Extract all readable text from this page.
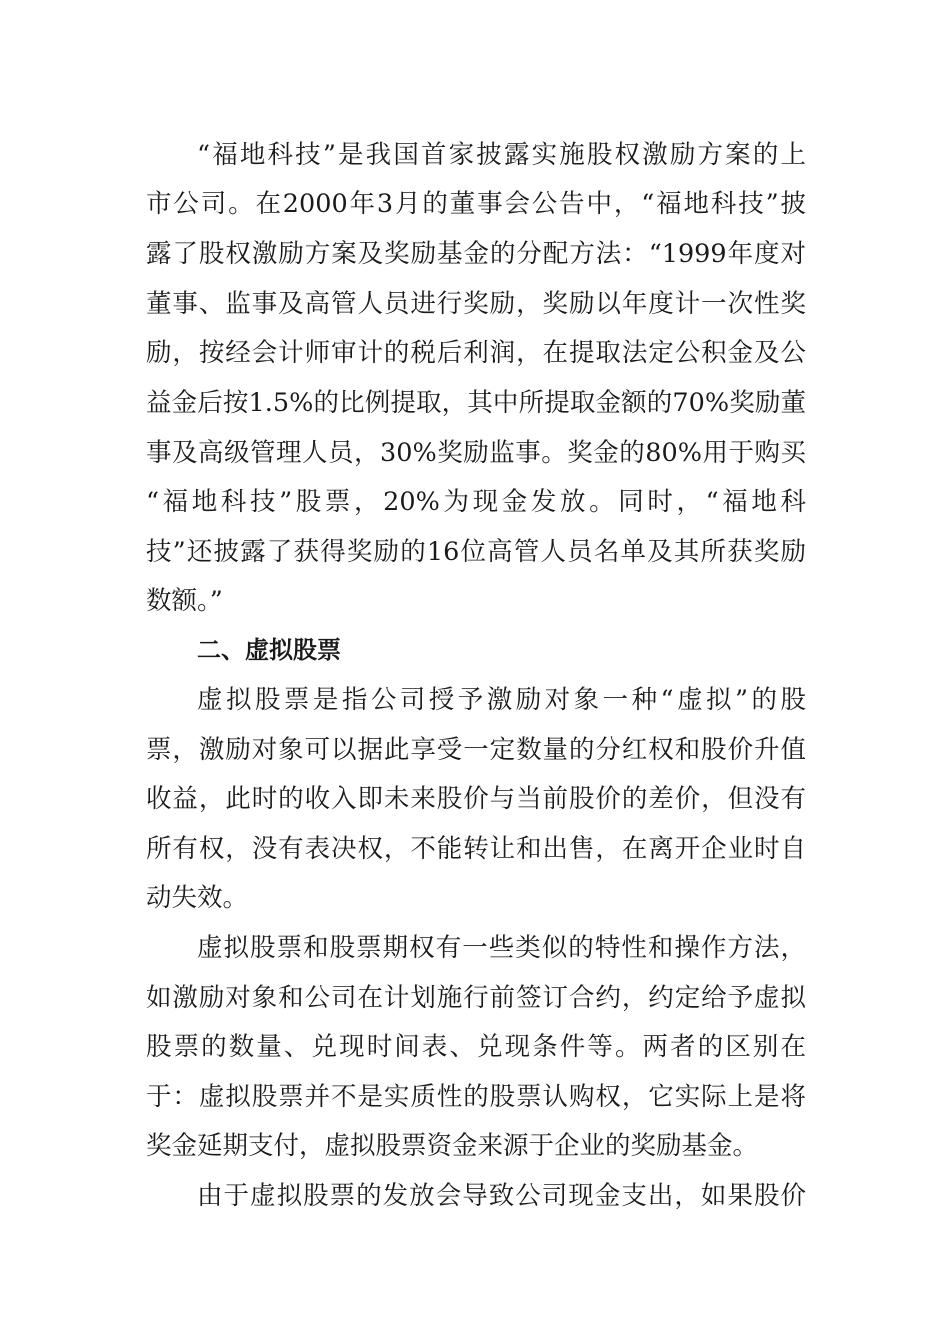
“福地科技”是我国首家披露实施股权激励方案的上
市公司。在2000年3月的董事会公告中，“福地科技”披
露了股权激励方案及奖励基金的分配方法：“1999年度对
董事、监事及高管人员进行奖励，奖励以年度计一次性奖
励，按经会计师审计的税后利润，在提取法定公积金及公
益金后按1.5%的比例提取，其中所提取金额的70%奖励董
事及高级管理人员，30%奖励监事。奖金的80%用于购买
“福地科技”股票，20%为现金发放。同时，“福地科
技”还披露了获得奖励的16位高管人员名单及其所获奖励
数额。”
二、虚拟股票
虚拟股票是指公司授予激励对象一种“虚拟”的股
票，激励对象可以据此享受一定数量的分红权和股价升值
收益，此时的收入即未来股价与当前股价的差价，但没有
所有权，没有表决权，不能转让和出售，在离开企业时自
动失效。
虚拟股票和股票期权有一些类似的特性和操作方法，
如激励对象和公司在计划施行前签订合约，约定给予虚拟
股票的数量、兑现时间表、兑现条件等。两者的区别在
于：虚拟股票并不是实质性的股票认购权，它实际上是将
奖金延期支付，虚拟股票资金来源于企业的奖励基金。
由于虚拟股票的发放会导致公司现金支出，如果股价
